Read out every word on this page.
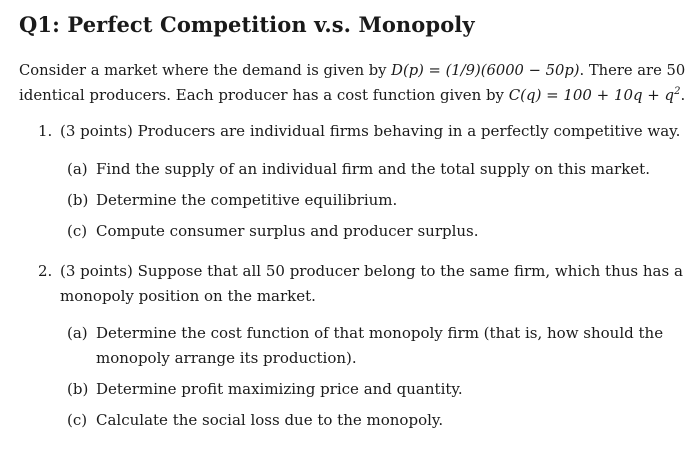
Q1: Perfect Competition v.s. Monopoly
Consider a market where the demand is given by D(p) = (1/9)(6000 − 50p). There are 50
identical producers. Each producer has a cost function given by $C(q) = 100 + 10q + q^2$.
1. (3 points) Producers are individual firms behaving in a perfectly competitive way.
(a) Find the supply of an individual firm and the total supply on this market.
(b) Determine the competitive equilibrium.
(c) Compute consumer surplus and producer surplus.
2. (3 points) Suppose that all 50 producer belong to the same firm, which thus has a
monopoly position on the market.
(a) Determine the cost function of that monopoly firm (that is, how should the
monopoly arrange its production).
(b) Determine profit maximizing price and quantity.
(c) Calculate the social loss due to the monopoly.
